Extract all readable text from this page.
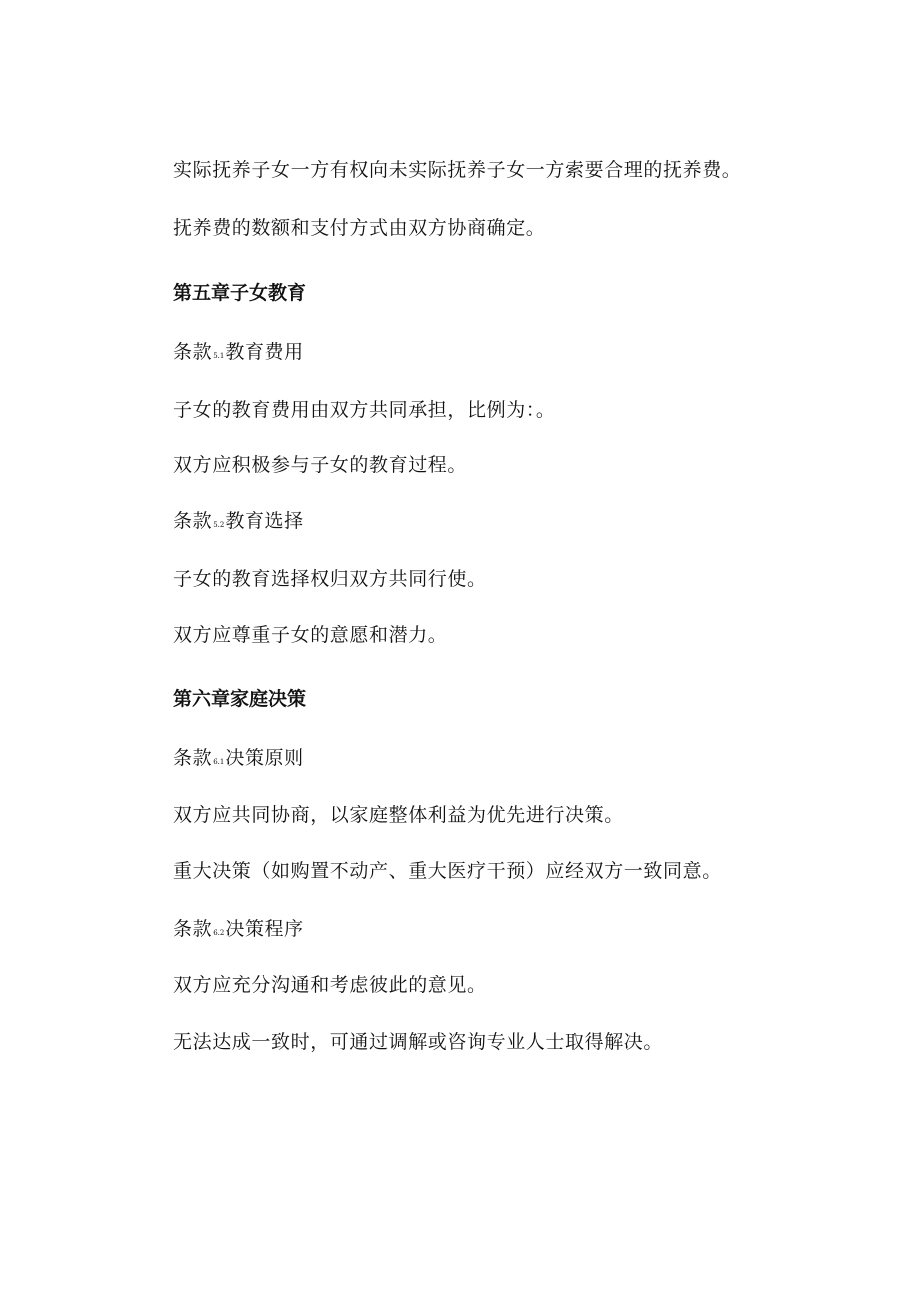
实际抚养子女一方有权向未实际抚养子女一方索要合理的抚养费。
抚养费的数额和支付方式由双方协商确定。
第五章子女教育
条款5.1教育费用
子女的教育费用由双方共同承担，比例为：。
双方应积极参与子女的教育过程。
条款5.2教育选择
子女的教育选择权归双方共同行使。
双方应尊重子女的意愿和潜力。
第六章家庭决策
条款6.1决策原则
双方应共同协商，以家庭整体利益为优先进行决策。
重大决策（如购置不动产、重大医疗干预）应经双方一致同意。
条款6.2决策程序
双方应充分沟通和考虑彼此的意见。
无法达成一致时，可通过调解或咨询专业人士取得解决。
